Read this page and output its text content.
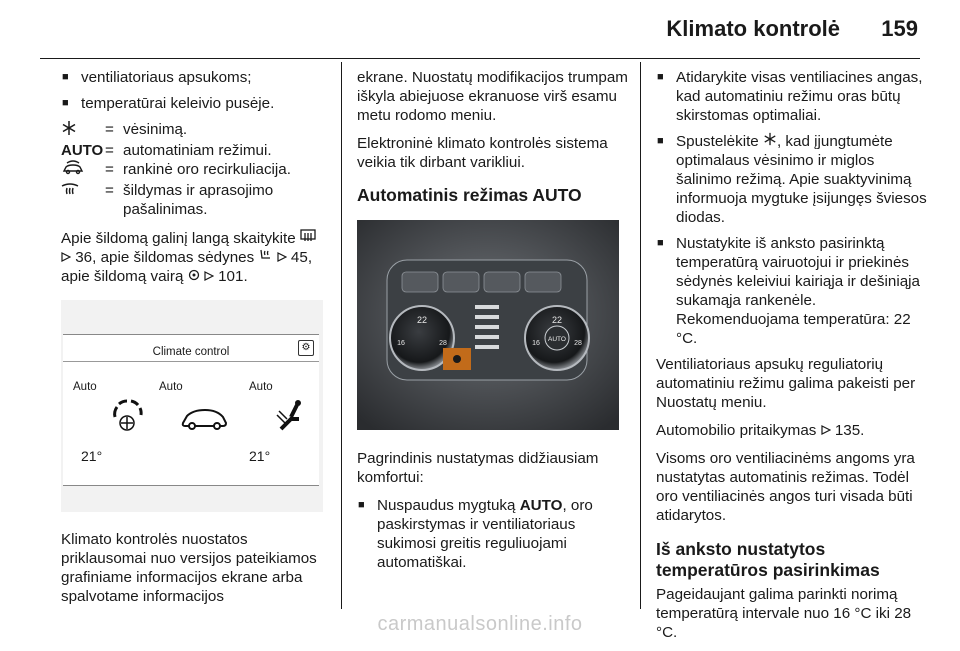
Klimato kontrolė 159
■ ventiliatoriaus apsukoms;
■ temperatūrai keleivio pusėje.
= vėsinimą.
AUTO = automatiniam režimui.
= rankinė oro recirkuliacija.
= šildymas ir aprasojimo pašalinimas.

Apie šildomą galinį langą skaitykite
36, apie šildomas sėdynes 45, apie šildomą vairą 101.

Climate control	⚙
Auto	Auto	Auto
21°	21°

Klimato kontrolės nuostatos priklausomai nuo versijos pateikiamos grafiniame informacijos ekrane arba spalvotame informacijos

ekrane. Nuostatų modifikacijos trumpam iškyla abiejuose ekranuose virš esamu metu rodomo meniu.

Elektroninė klimato kontrolės sistema veikia tik dirbant varikliui.

Automatinis režimas AUTO
22
16	28
22
16	28
AUTO

Pagrindinis nustatymas didžiausiam komfortui:

■ Nuspaudus mygtuką AUTO, oro paskirstymas ir ventiliatoriaus sukimosi greitis reguliuojami automatiškai.
■ Atidarykite visas ventiliacines angas, kad automatiniu režimu oras būtų skirstomas optimaliai.
■ Spustelėkite , kad įjungtumėte optimalaus vėsinimo ir miglos šalinimo režimą. Apie suaktyvinimą informuoja mygtuke įsijungęs šviesos diodas.
■ Nustatykite iš anksto pasirinktą temperatūrą vairuotojui ir priekinės sėdynės keleiviui kairiąja ir dešiniąja sukamąja rankenėle. Rekomenduojama temperatūra: 22 °C.

Ventiliatoriaus apsukų reguliatorių automatiniu režimu galima pakeisti per Nuostatų meniu.

Automobilio pritaikymas 135.

Visoms oro ventiliacinėms angoms yra nustatytas automatinis režimas. Todėl oro ventiliacinės angos turi visada būti atidarytos.

Iš anksto nustatytos temperatūros pasirinkimas

Pageidaujant galima parinkti norimą temperatūrą intervale nuo 16 °C iki 28 °C.

carmanualsonline.info
